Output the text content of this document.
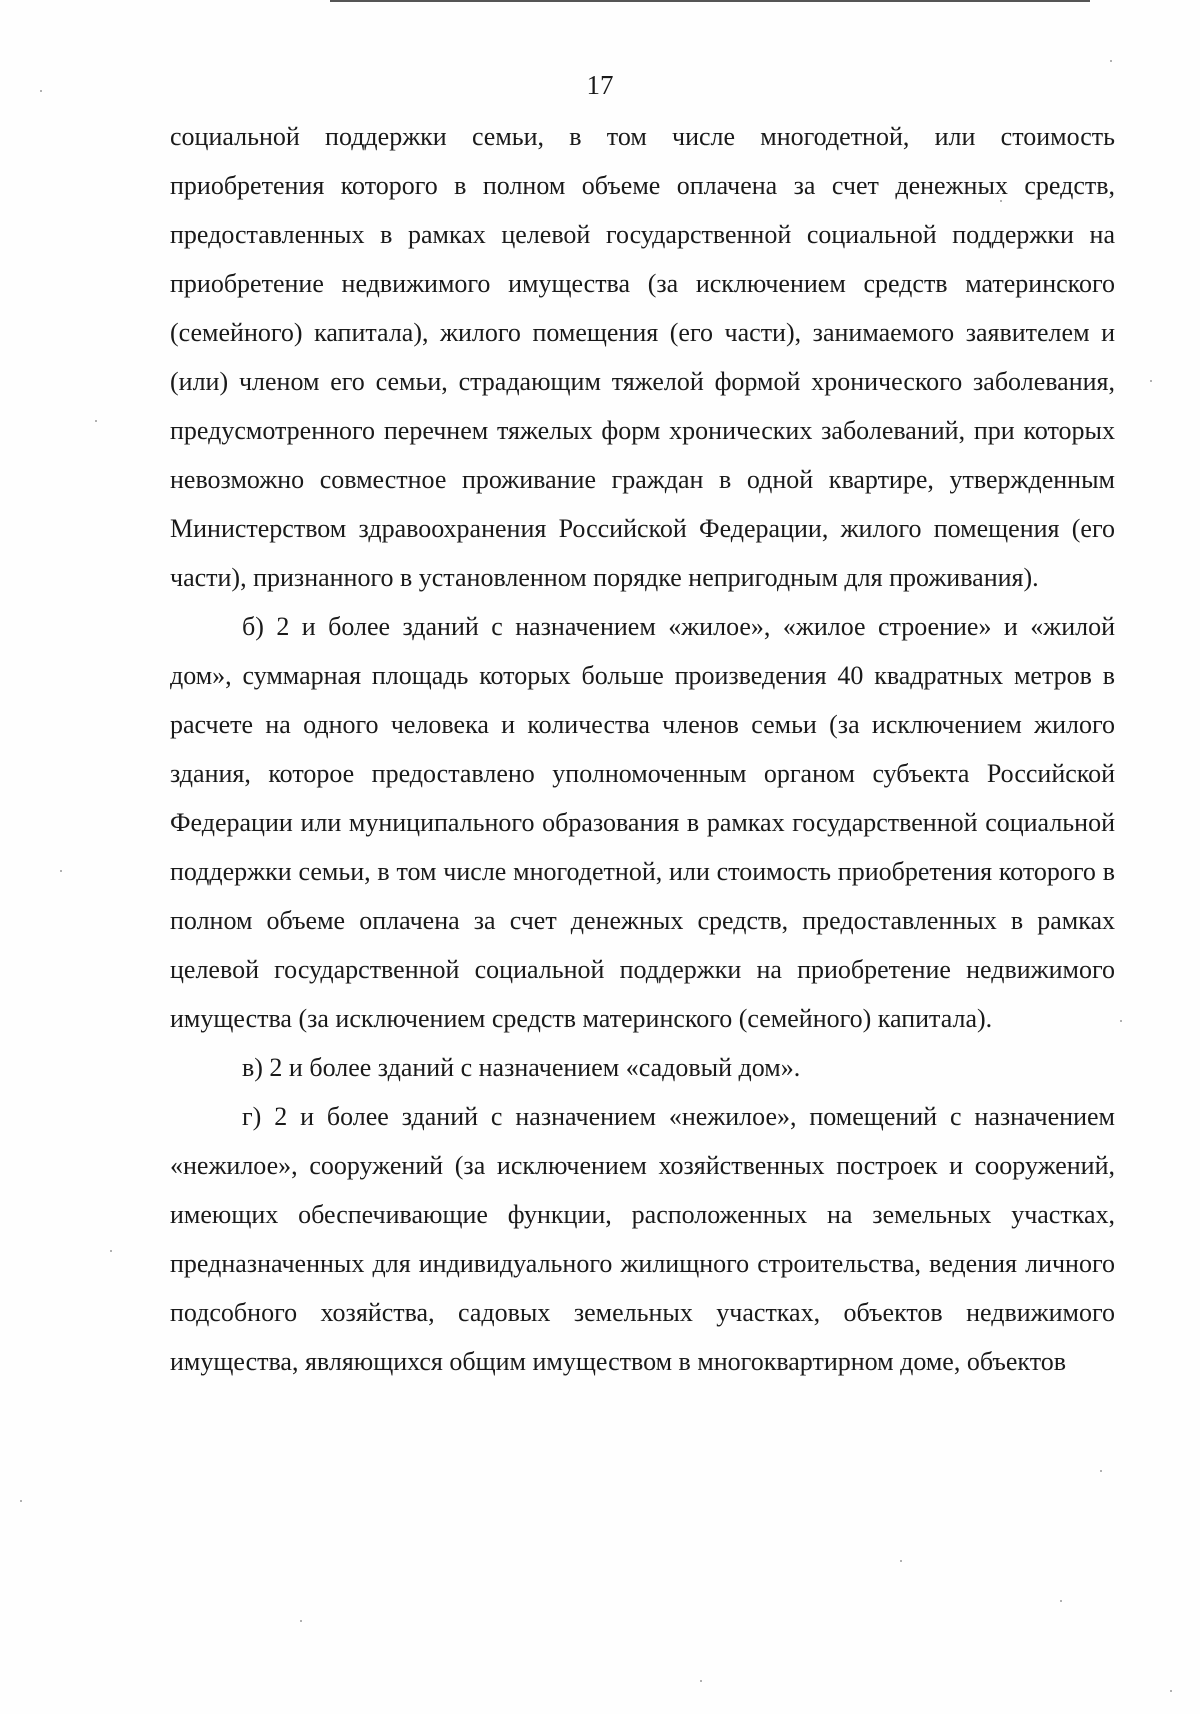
17

социальной поддержки семьи, в том числе многодетной, или стоимость приобретения которого в полном объеме оплачена за счет денежных средств, предоставленных в рамках целевой государственной социальной поддержки на приобретение недвижимого имущества (за исключением средств материнского (семейного) капитала), жилого помещения (его части), занимаемого заявителем и (или) членом его семьи, страдающим тяжелой формой хронического заболевания, предусмотренного перечнем тяжелых форм хронических заболеваний, при которых невозможно совместное проживание граждан в одной квартире, утвержденным Министерством здравоохранения Российской Федерации, жилого помещения (его части), признанного в установленном порядке непригодным для проживания).

б) 2 и более зданий с назначением «жилое», «жилое строение» и «жилой дом», суммарная площадь которых больше произведения 40 квадратных метров в расчете на одного человека и количества членов семьи (за исключением жилого здания, которое предоставлено уполномоченным органом субъекта Российской Федерации или муниципального образования в рамках государственной социальной поддержки семьи, в том числе многодетной, или стоимость приобретения которого в полном объеме оплачена за счет денежных средств, предоставленных в рамках целевой государственной социальной поддержки на приобретение недвижимого имущества (за исключением средств материнского (семейного) капитала).

в) 2 и более зданий с назначением «садовый дом».

г) 2 и более зданий с назначением «нежилое», помещений с назначением «нежилое», сооружений (за исключением хозяйственных построек и сооружений, имеющих обеспечивающие функции, расположенных на земельных участках, предназначенных для индивидуального жилищного строительства, ведения личного подсобного хозяйства, садовых земельных участках, объектов недвижимого имущества, являющихся общим имуществом в многоквартирном доме, объектов
